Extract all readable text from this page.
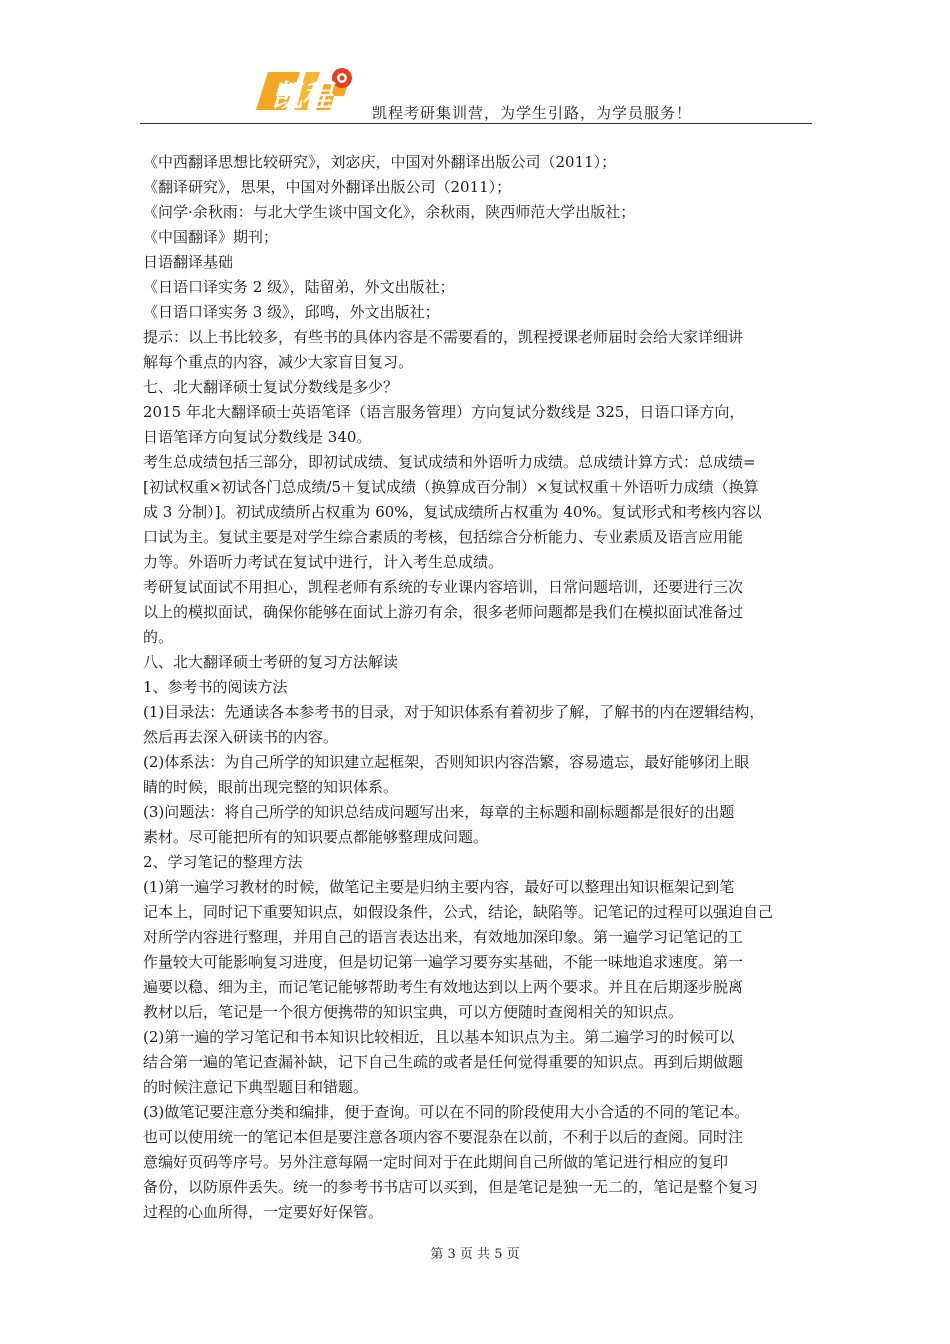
凯程	凯程考研集训营，为学生引路，为学员服务！
《中西翻译思想比较研究》，刘宓庆，中国对外翻译出版公司（2011）；
《翻译研究》，思果，中国对外翻译出版公司（2011）；
《问学·余秋雨：与北大学生谈中国文化》，余秋雨，陕西师范大学出版社；
《中国翻译》期刊；
日语翻译基础
《日语口译实务 2 级》，陆留弟，外文出版社；
《日语口译实务 3 级》，邱鸣，外文出版社；
提示：以上书比较多，有些书的具体内容是不需要看的，凯程授课老师届时会给大家详细讲
解每个重点的内容，减少大家盲目复习。
七、北大翻译硕士复试分数线是多少？
2015 年北大翻译硕士英语笔译（语言服务管理）方向复试分数线是 325，日语口译方向，
日语笔译方向复试分数线是 340。
考生总成绩包括三部分，即初试成绩、复试成绩和外语听力成绩。总成绩计算方式：总成绩=
[初试权重×初试各门总成绩/5＋复试成绩（换算成百分制）×复试权重＋外语听力成绩（换算
成 3 分制）]。初试成绩所占权重为 60%，复试成绩所占权重为 40%。复试形式和考核内容以
口试为主。复试主要是对学生综合素质的考核，包括综合分析能力、专业素质及语言应用能
力等。外语听力考试在复试中进行，计入考生总成绩。
考研复试面试不用担心，凯程老师有系统的专业课内容培训，日常问题培训，还要进行三次
以上的模拟面试，确保你能够在面试上游刃有余，很多老师问题都是我们在模拟面试准备过
的。
八、北大翻译硕士考研的复习方法解读
1、参考书的阅读方法
(1)目录法：先通读各本参考书的目录，对于知识体系有着初步了解，了解书的内在逻辑结构，
然后再去深入研读书的内容。
(2)体系法：为自己所学的知识建立起框架，否则知识内容浩繁，容易遗忘，最好能够闭上眼
睛的时候，眼前出现完整的知识体系。
(3)问题法：将自己所学的知识总结成问题写出来，每章的主标题和副标题都是很好的出题
素材。尽可能把所有的知识要点都能够整理成问题。
2、学习笔记的整理方法
(1)第一遍学习教材的时候，做笔记主要是归纳主要内容，最好可以整理出知识框架记到笔
记本上，同时记下重要知识点，如假设条件，公式，结论，缺陷等。记笔记的过程可以强迫自己
对所学内容进行整理，并用自己的语言表达出来，有效地加深印象。第一遍学习记笔记的工
作量较大可能影响复习进度，但是切记第一遍学习要夯实基础，不能一味地追求速度。第一
遍要以稳、细为主，而记笔记能够帮助考生有效地达到以上两个要求。并且在后期逐步脱离
教材以后，笔记是一个很方便携带的知识宝典，可以方便随时查阅相关的知识点。
(2)第一遍的学习笔记和书本知识比较相近，且以基本知识点为主。第二遍学习的时候可以
结合第一遍的笔记查漏补缺，记下自己生疏的或者是任何觉得重要的知识点。再到后期做题
的时候注意记下典型题目和错题。
(3)做笔记要注意分类和编排，便于查询。可以在不同的阶段使用大小合适的不同的笔记本。
也可以使用统一的笔记本但是要注意各项内容不要混杂在以前，不利于以后的查阅。同时注
意编好页码等序号。另外注意每隔一定时间对于在此期间自己所做的笔记进行相应的复印
备份，以防原件丢失。统一的参考书书店可以买到，但是笔记是独一无二的，笔记是整个复习
过程的心血所得，一定要好好保管。
第 3 页 共 5 页
